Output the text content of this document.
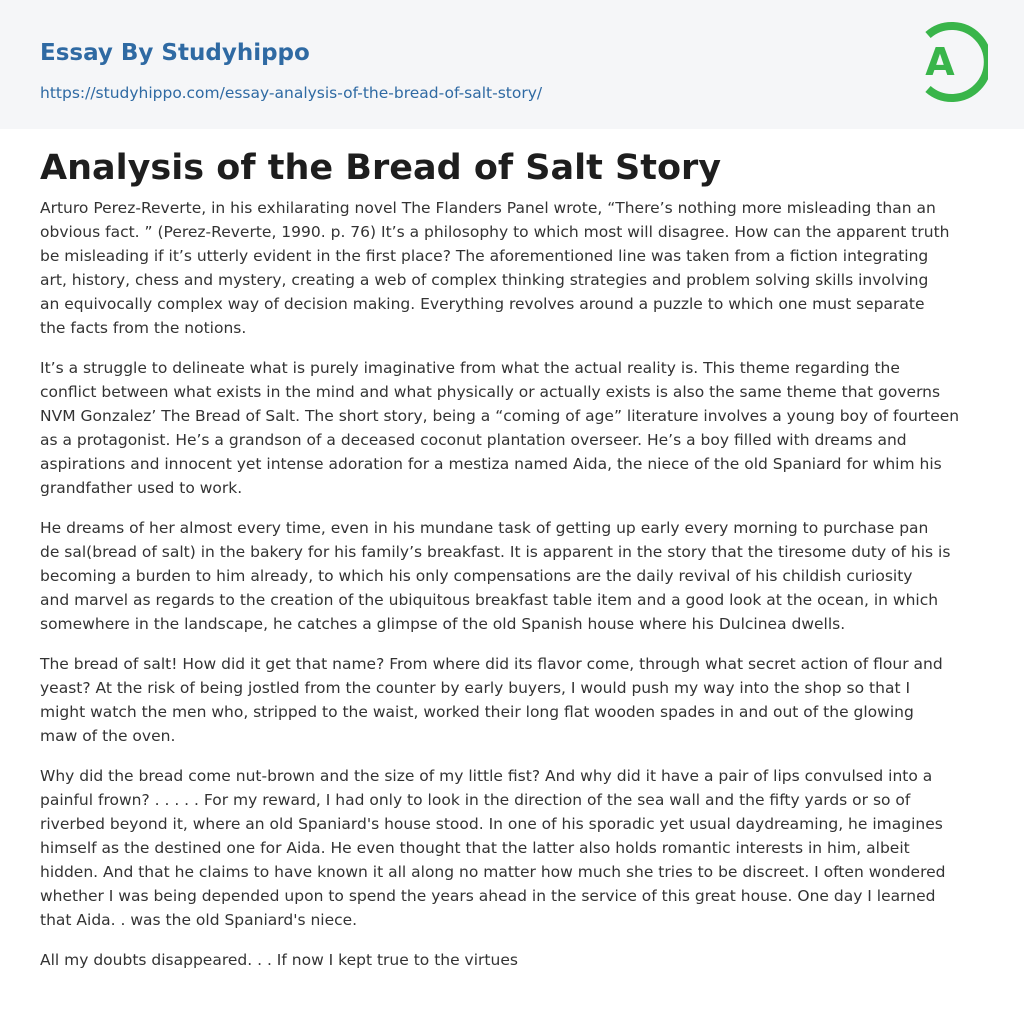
Essay By Studyhippo
https://studyhippo.com/essay-analysis-of-the-bread-of-salt-story/
A
Analysis of the Bread of Salt Story

Arturo Perez-Reverte, in his exhilarating novel The Flanders Panel wrote, “There’s nothing more misleading than an
obvious fact. ” (Perez-Reverte, 1990. p. 76) It’s a philosophy to which most will disagree. How can the apparent truth
be misleading if it’s utterly evident in the first place? The aforementioned line was taken from a fiction integrating
art, history, chess and mystery, creating a web of complex thinking strategies and problem solving skills involving
an equivocally complex way of decision making. Everything revolves around a puzzle to which one must separate
the facts from the notions.

It’s a struggle to delineate what is purely imaginative from what the actual reality is. This theme regarding the
conflict between what exists in the mind and what physically or actually exists is also the same theme that governs
NVM Gonzalez’ The Bread of Salt. The short story, being a “coming of age” literature involves a young boy of fourteen
as a protagonist. He’s a grandson of a deceased coconut plantation overseer. He’s a boy filled with dreams and
aspirations and innocent yet intense adoration for a mestiza named Aida, the niece of the old Spaniard for whim his
grandfather used to work.

He dreams of her almost every time, even in his mundane task of getting up early every morning to purchase pan
de sal(bread of salt) in the bakery for his family’s breakfast. It is apparent in the story that the tiresome duty of his is
becoming a burden to him already, to which his only compensations are the daily revival of his childish curiosity
and marvel as regards to the creation of the ubiquitous breakfast table item and a good look at the ocean, in which
somewhere in the landscape, he catches a glimpse of the old Spanish house where his Dulcinea dwells.

The bread of salt! How did it get that name? From where did its flavor come, through what secret action of flour and
yeast? At the risk of being jostled from the counter by early buyers, I would push my way into the shop so that I
might watch the men who, stripped to the waist, worked their long flat wooden spades in and out of the glowing
maw of the oven.

Why did the bread come nut-brown and the size of my little fist? And why did it have a pair of lips convulsed into a
painful frown? . . . . . For my reward, I had only to look in the direction of the sea wall and the fifty yards or so of
riverbed beyond it, where an old Spaniard's house stood. In one of his sporadic yet usual daydreaming, he imagines
himself as the destined one for Aida. He even thought that the latter also holds romantic interests in him, albeit
hidden. And that he claims to have known it all along no matter how much she tries to be discreet. I often wondered
whether I was being depended upon to spend the years ahead in the service of this great house. One day I learned
that Aida. . was the old Spaniard's niece.

All my doubts disappeared. . . If now I kept true to the virtues
